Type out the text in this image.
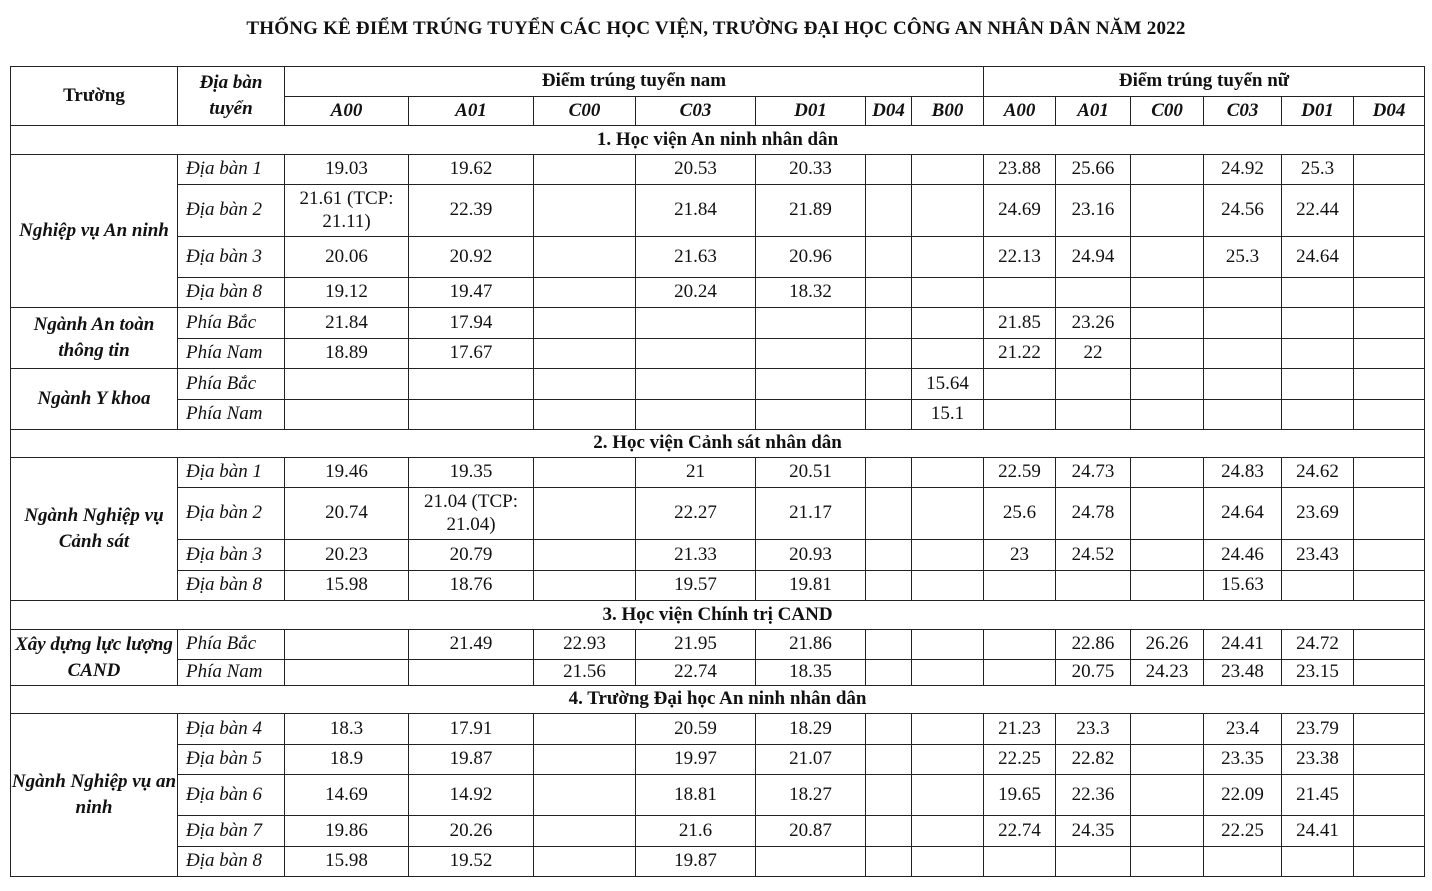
THỐNG KÊ ĐIỂM TRÚNG TUYỂN CÁC HỌC VIỆN, TRƯỜNG ĐẠI HỌC CÔNG AN NHÂN DÂN NĂM 2022
Trường	Địa bàn tuyển	Điểm trúng tuyển nam							Điểm trúng tuyển nữ					
		A00	A01	C00	C03	D01	D04	B00	A00	A01	C00	C03	D01	D04
1. Học viện An ninh nhân dân														
Nghiệp vụ An ninh	Địa bàn 1	19.03	19.62		20.53	20.33			23.88	25.66		24.92	25.3	
	Địa bàn 2	21.61 (TCP: 21.11)	22.39		21.84	21.89			24.69	23.16		24.56	22.44	
	Địa bàn 3	20.06	20.92		21.63	20.96			22.13	24.94		25.3	24.64	
	Địa bàn 8	19.12	19.47		20.24	18.32								
Ngành An toàn thông tin	Phía Bắc	21.84	17.94						21.85	23.26				
	Phía Nam	18.89	17.67						21.22	22				
Ngành Y khoa	Phía Bắc							15.64						
	Phía Nam							15.1						
2. Học viện Cảnh sát nhân dân														
Ngành Nghiệp vụ Cảnh sát	Địa bàn 1	19.46	19.35		21	20.51			22.59	24.73		24.83	24.62	
	Địa bàn 2	20.74	21.04 (TCP: 21.04)		22.27	21.17			25.6	24.78		24.64	23.69	
	Địa bàn 3	20.23	20.79		21.33	20.93			23	24.52		24.46	23.43	
	Địa bàn 8	15.98	18.76		19.57	19.81						15.63		
3. Học viện Chính trị CAND														
Xây dựng lực lượng CAND	Phía Bắc		21.49	22.93	21.95	21.86				22.86	26.26	24.41	24.72	
	Phía Nam			21.56	22.74	18.35				20.75	24.23	23.48	23.15	
4. Trường Đại học An ninh nhân dân														
Ngành Nghiệp vụ an ninh	Địa bàn 4	18.3	17.91		20.59	18.29			21.23	23.3		23.4	23.79	
	Địa bàn 5	18.9	19.87		19.97	21.07			22.25	22.82		23.35	23.38	
	Địa bàn 6	14.69	14.92		18.81	18.27			19.65	22.36		22.09	21.45	
	Địa bàn 7	19.86	20.26		21.6	20.87			22.74	24.35		22.25	24.41	
	Địa bàn 8	15.98	19.52		19.87									
